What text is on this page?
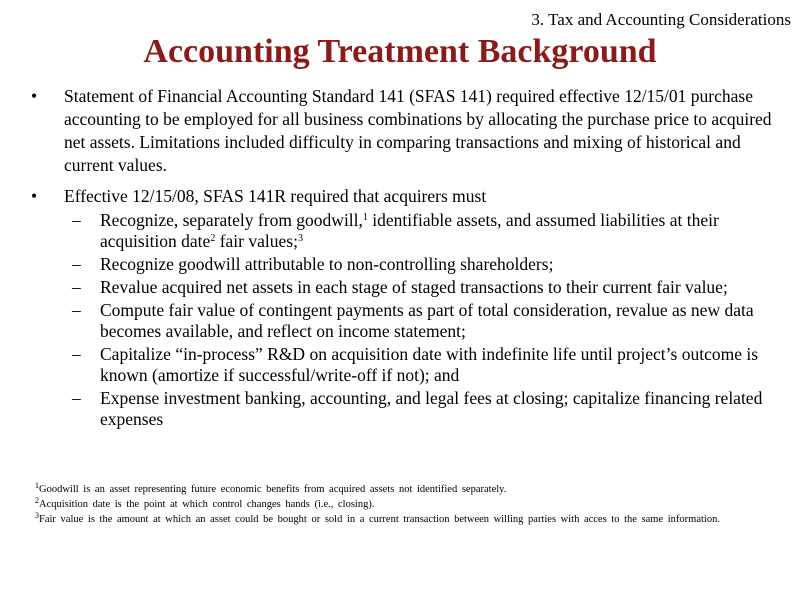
3. Tax and Accounting Considerations
Accounting Treatment Background
• Statement of Financial Accounting Standard 141 (SFAS 141) required effective 12/15/01 purchase accounting to be employed for all business combinations by allocating the purchase price to acquired net assets. Limitations included difficulty in comparing transactions and mixing of historical and current values.
• Effective 12/15/08, SFAS 141R required that acquirers must
– Recognize, separately from goodwill,$^1$ identifiable assets, and assumed liabilities at their acquisition date$^2$ fair values;$^3$
– Recognize goodwill attributable to non-controlling shareholders;
– Revalue acquired net assets in each stage of staged transactions to their current fair value;
– Compute fair value of contingent payments as part of total consideration, revalue as new data becomes available, and reflect on income statement;
– Capitalize “in-process” R&D on acquisition date with indefinite life until project’s outcome is known (amortize if successful/write-off if not); and
– Expense investment banking, accounting, and legal fees at closing; capitalize financing related expenses
$^1$Goodwill is an asset representing future economic benefits from acquired assets not identified separately.
$^2$Acquisition date is the point at which control changes hands (i.e., closing).
$^3$Fair value is the amount at which an asset could be bought or sold in a current transaction between willing parties with acces to the same information.
